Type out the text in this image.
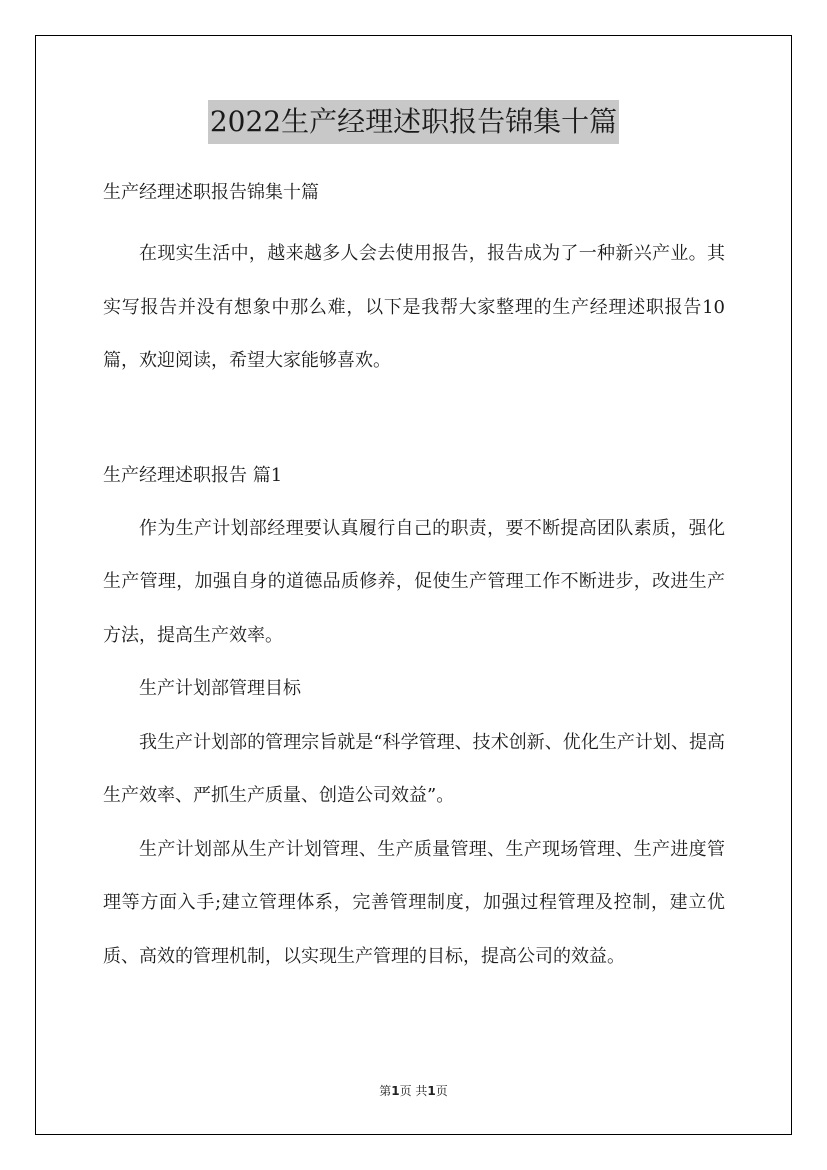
2022生产经理述职报告锦集十篇
生产经理述职报告锦集十篇

在现实生活中，越来越多人会去使用报告，报告成为了一种新兴产业。其实写报告并没有想象中那么难，以下是我帮大家整理的生产经理述职报告10篇，欢迎阅读，希望大家能够喜欢。

生产经理述职报告 篇1

作为生产计划部经理要认真履行自己的职责，要不断提高团队素质，强化生产管理，加强自身的道德品质修养，促使生产管理工作不断进步，改进生产方法，提高生产效率。

生产计划部管理目标

我生产计划部的管理宗旨就是“科学管理、技术创新、优化生产计划、提高生产效率、严抓生产质量、创造公司效益”。

生产计划部从生产计划管理、生产质量管理、生产现场管理、生产进度管理等方面入手;建立管理体系，完善管理制度，加强过程管理及控制，建立优质、高效的管理机制，以实现生产管理的目标，提高公司的效益。

第1页 共1页
